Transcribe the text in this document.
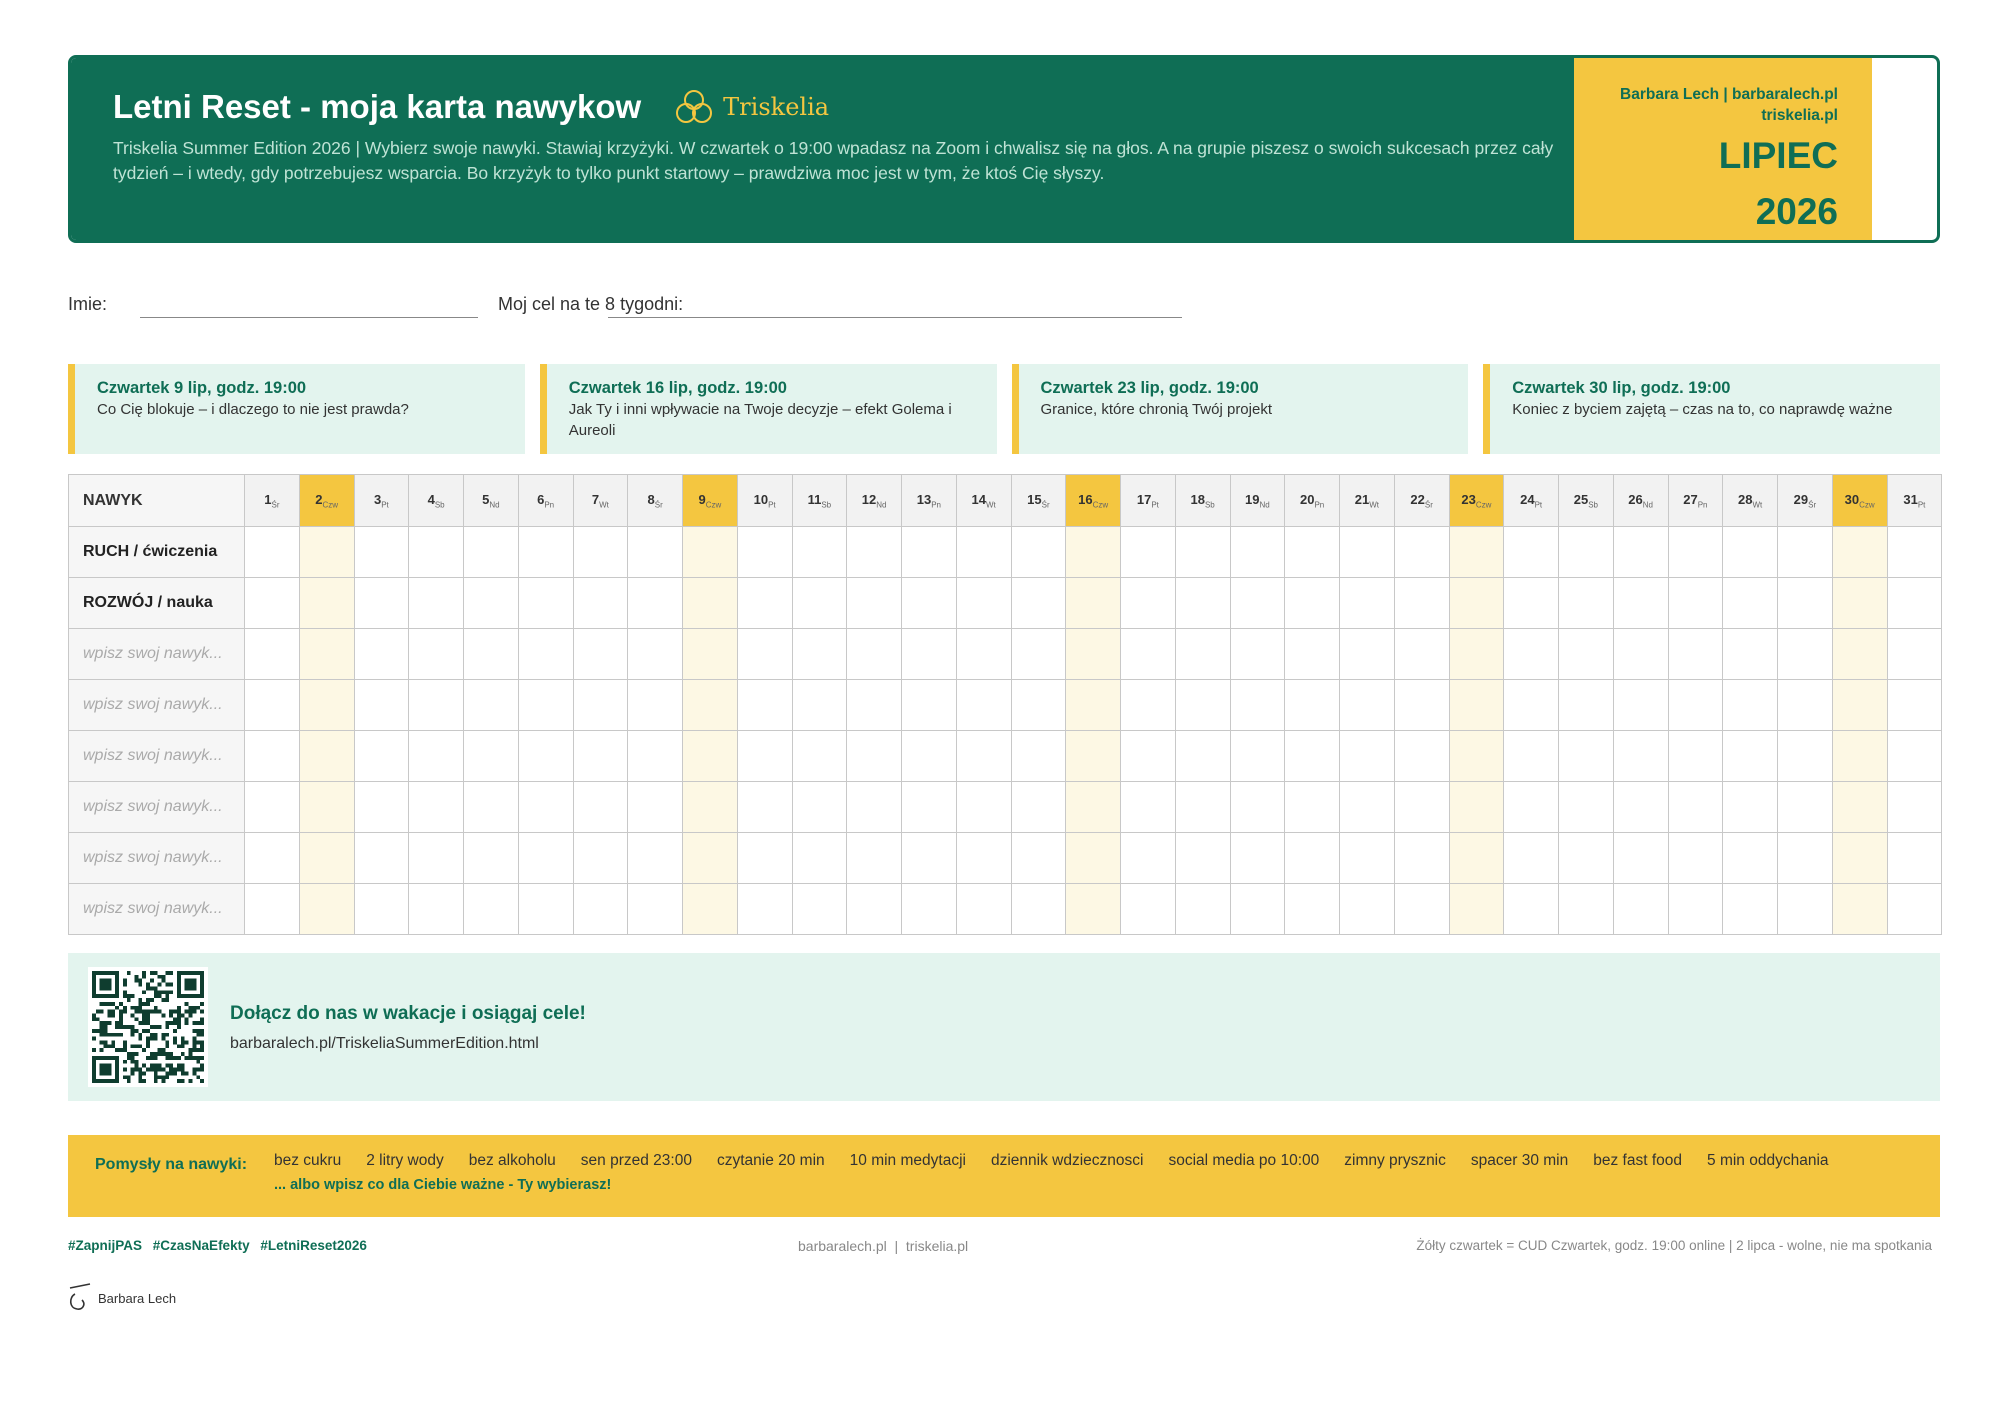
Letni Reset - moja karta nawykow	Triskelia
Triskelia Summer Edition 2026 | Wybierz swoje nawyki. Stawiaj krzyżyki. W czwartek o 19:00 wpadasz na Zoom i chwalisz się na głos. A na grupie piszesz o swoich sukcesach przez cały tydzień – i wtedy, gdy potrzebujesz wsparcia. Bo krzyżyk to tylko punkt startowy – prawdziwa moc jest w tym, że ktoś Cię słyszy.
Barbara Lech | barbaralech.pl
triskelia.pl
LIPIEC
2026
Imie:	Moj cel na te 8 tygodni:
Czwartek 9 lip, godz. 19:00
Co Cię blokuje – i dlaczego to nie jest prawda?
Czwartek 16 lip, godz. 19:00
Jak Ty i inni wpływacie na Twoje decyzje – efekt Golema i Aureoli
Czwartek 23 lip, godz. 19:00
Granice, które chronią Twój projekt
Czwartek 30 lip, godz. 19:00
Koniec z byciem zajętą – czas na to, co naprawdę ważne
NAWYK	$1_{Śr}$	$2_{Czw}$	$3_{Pt}$	$4_{Sb}$	$5_{Nd}$	$6_{Pn}$	$7_{Wt}$	$8_{Śr}$	$9_{Czw}$	$10_{Pt}$	$11_{Sb}$	$12_{Nd}$	$13_{Pn}$	$14_{Wt}$	$15_{Śr}$	$16_{Czw}$	$17_{Pt}$	$18_{Sb}$	$19_{Nd}$	$20_{Pn}$	$21_{Wt}$	$22_{Śr}$	$23_{Czw}$	$24_{Pt}$	$25_{Sb}$	$26_{Nd}$	$27_{Pn}$	$28_{Wt}$	$29_{Śr}$	$30_{Czw}$	$31_{Pt}$
RUCH / ćwiczenia																															
ROZWÓJ / nauka																															
wpisz swoj nawyk...																															
wpisz swoj nawyk...																															
wpisz swoj nawyk...																															
wpisz swoj nawyk...																															
wpisz swoj nawyk...																															
wpisz swoj nawyk...																															
Dołącz do nas w wakacje i osiągaj cele!
barbaralech.pl/TriskeliaSummerEdition.html
Pomysły na nawyki: bez cukru 2 litry wody bez alkoholu sen przed 23:00 czytanie 20 min 10 min medytacji dziennik wdziecznosci social media po 10:00 zimny prysznic spacer 30 min bez fast food 5 min oddychania
... albo wpisz co dla Ciebie ważne - Ty wybierasz!
#ZapnijPAS #CzasNaEfekty #LetniReset2026	barbaralech.pl  |  triskelia.pl	Żółty czwartek = CUD Czwartek, godz. 19:00 online | 2 lipca - wolne, nie ma spotkania
Barbara Lech
